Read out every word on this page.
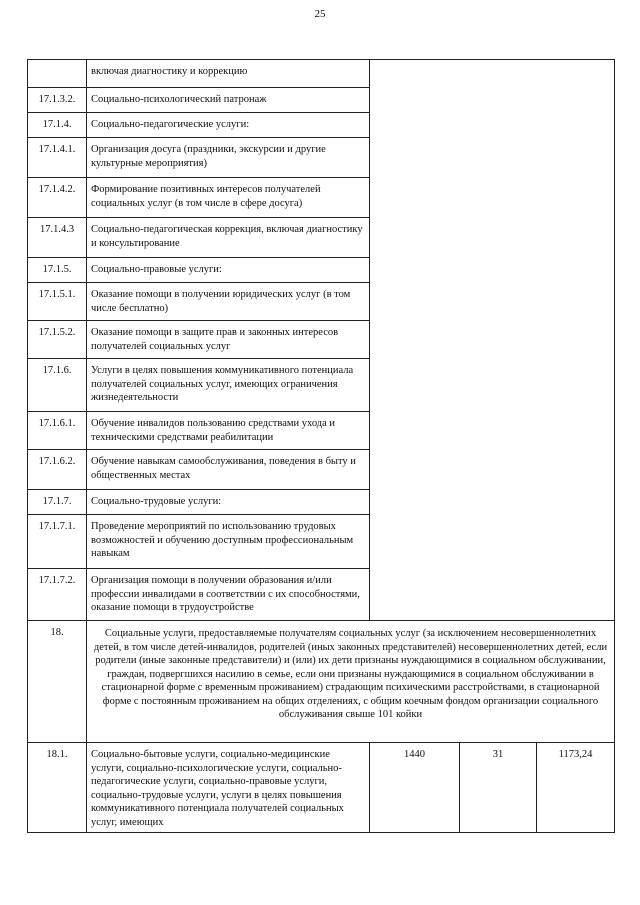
25
	включая диагностику и коррекцию			
17.1.3.2.	Социально-психологический патронаж			
17.1.4.	Социально-педагогические услуги:			
17.1.4.1.	Организация досуга (праздники, экскурсии и другие культурные мероприятия)			
17.1.4.2.	Формирование позитивных интересов получателей социальных услуг (в том числе в сфере досуга)			
17.1.4.3	Социально-педагогическая коррекция, включая диагностику и консультирование			
17.1.5.	Социально-правовые услуги:			
17.1.5.1.	Оказание помощи в получении юридических услуг (в том числе бесплатно)			
17.1.5.2.	Оказание помощи в защите прав и законных интересов получателей социальных услуг			
17.1.6.	Услуги в целях повышения коммуникативного потенциала получателей социальных услуг, имеющих ограничения жизнедеятельности			
17.1.6.1.	Обучение инвалидов пользованию средствами ухода и техническими средствами реабилитации			
17.1.6.2.	Обучение навыкам самообслуживания, поведения в быту и общественных местах			
17.1.7.	Социально-трудовые услуги:			
17.1.7.1.	Проведение мероприятий по использованию трудовых возможностей и обучению доступным профессиональным навыкам			
17.1.7.2.	Организация помощи в получении образования и/или профессии инвалидами в соответствии с их способностями, оказание помощи в трудоустройстве			
18.	Социальные услуги, предоставляемые получателям социальных услуг (за исключением несовершеннолетних детей, в том числе детей-инвалидов, родителей (иных законных представителей) несовершеннолетних детей, если родители (иные законные представители) и (или) их дети признаны нуждающимися в социальном обслуживании, граждан, подвергшихся насилию в семье, если они признаны нуждающимися в социальном обслуживании в стационарной форме с временным проживанием) страдающим психическими расстройствами, в стационарной форме с постоянным проживанием на общих отделениях, с общим коечным фондом организации социального обслуживания свыше 101 койки			
18.1.	Социально-бытовые услуги, социально-медицинские услуги, социально-психологические услуги, социально-педагогические услуги, социально-правовые услуги, социально-трудовые услуги, услуги в целях повышения коммуникативного потенциала получателей социальных услуг, имеющих	1440	31	1173,24
